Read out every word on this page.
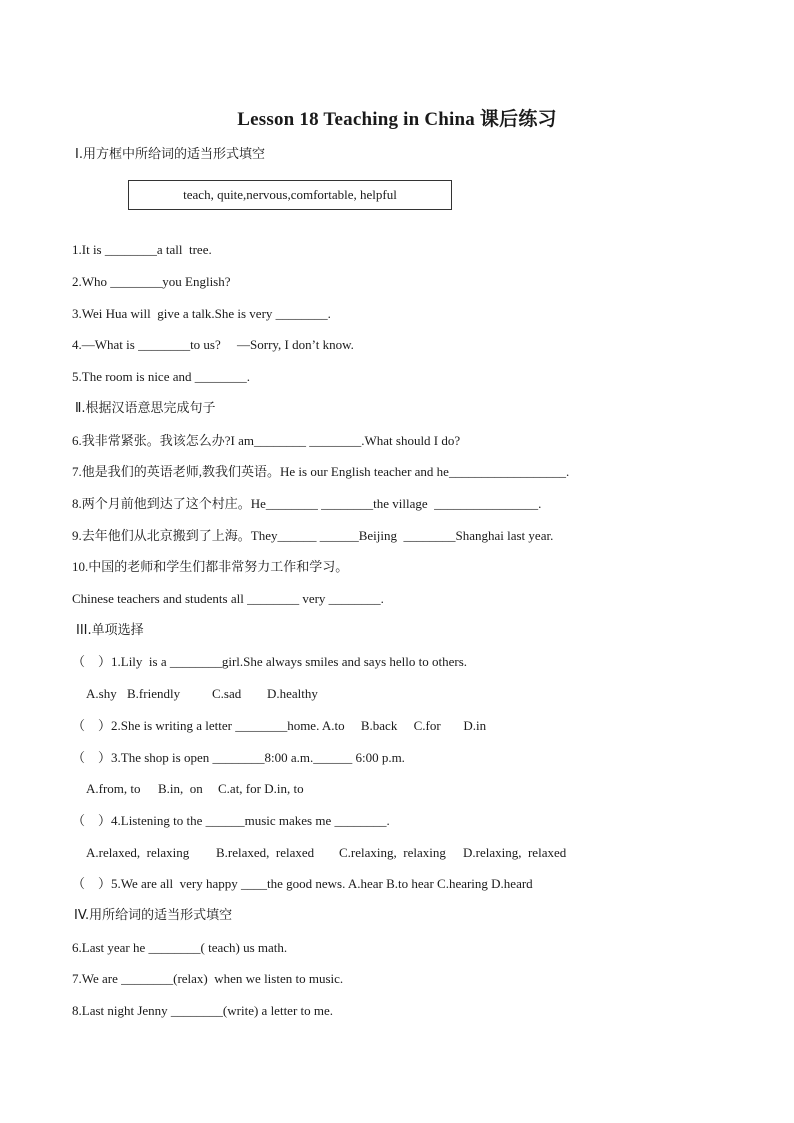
Lesson 18 Teaching in China 课后练习
Ⅰ.用方框中所给词的适当形式填空
teach, quite,nervous,comfortable, helpful
1.It is ________a tall  tree.
2.Who ________you English?
3.Wei Hua will  give a talk.She is very ________.
4.—What is ________to us?     —Sorry, I don’t know.
5.The room is nice and ________.
Ⅱ.根据汉语意思完成句子
6.我非常紧张。我该怎么办?I am________ ________.What should I do?
7.他是我们的英语老师,教我们英语。He is our English teacher and he__________________.
8.两个月前他到达了这个村庄。He________ ________the village  ________________.
9.去年他们从北京搬到了上海。They______ ______Beijing  ________Shanghai last year.
10.中国的老师和学生们都非常努力工作和学习。
Chinese teachers and students all ________ very ________.
III.单项选择
（    ）1.Lily  is a ________girl.She always smiles and says hello to others.
A.shy B.friendly C.sad D.healthy
（    ）2.She is writing a letter ________home. A.to     B.back     C.for       D.in
（    ）3.The shop is open ________8:00 a.m.______ 6:00 p.m.
A.from, to B.in,  on C.at, for D.in, to
（    ）4.Listening to the ______music makes me ________.
A.relaxed,  relaxing B.relaxed,  relaxed C.relaxing,  relaxing D.relaxing,  relaxed
（    ）5.We are all  very happy ____the good news. A.hear B.to hear C.hearing D.heard
IV.用所给词的适当形式填空
6.Last year he ________( teach) us math.
7.We are ________(relax)  when we listen to music.
8.Last night Jenny ________(write) a letter to me.
